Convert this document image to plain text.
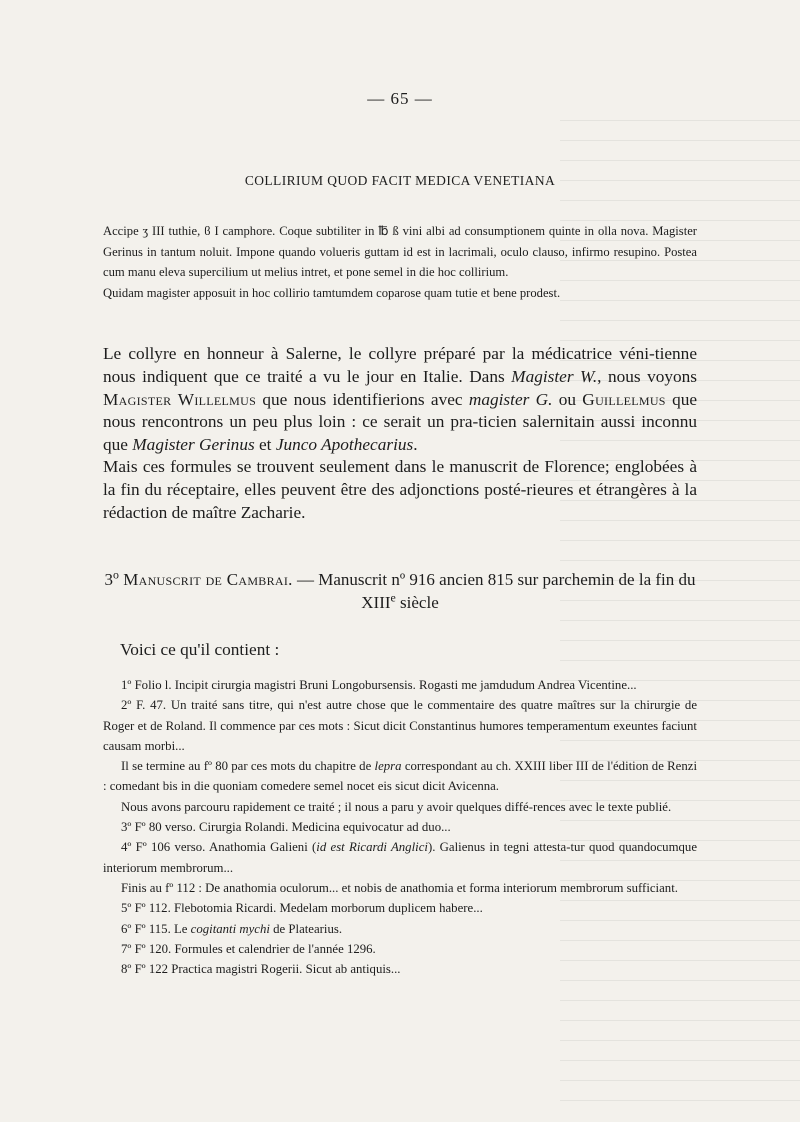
— 65 —
COLLIRIUM QUOD FACIT MEDICA VENETIANA

Accipe ʒ III tuthie, ϐ I camphore. Coque subtiliter in ℔ ß vini albi ad consumptionem quinte in olla nova. Magister Gerinus in tantum noluit. Impone quando volueris guttam id est in lacrimali, oculo clauso, infirmo resupino. Postea cum manu eleva supercilium ut melius intret, et pone semel in die hoc collirium.

Quidam magister apposuit in hoc collirio tamtumdem coparose quam tutie et bene prodest.

Le collyre en honneur à Salerne, le collyre préparé par la médicatrice véni-tienne nous indiquent que ce traité a vu le jour en Italie. Dans Magister W., nous voyons Magister Willelmus que nous identifierions avec magister G. ou Guillelmus que nous rencontrons un peu plus loin : ce serait un pra-ticien salernitain aussi inconnu que Magister Gerinus et Junco Apothecarius.

Mais ces formules se trouvent seulement dans le manuscrit de Florence; englobées à la fin du réceptaire, elles peuvent être des adjonctions posté-rieures et étrangères à la rédaction de maître Zacharie.

3$^o$ Manuscrit de Cambrai. — Manuscrit nº 916 ancien 815 sur parchemin de la fin du XIIIe siècle
Voici ce qu'il contient :

1º Folio l. Incipit cirurgia magistri Bruni Longobursensis. Rogasti me jamdudum Andrea Vicentine...

2º F. 47. Un traité sans titre, qui n'est autre chose que le commentaire des quatre maîtres sur la chirurgie de Roger et de Roland. Il commence par ces mots : Sicut dicit Constantinus humores temperamentum exeuntes faciunt causam morbi...

Il se termine au fº 80 par ces mots du chapitre de lepra correspondant au ch. XXIII liber III de l'édition de Renzi : comedant bis in die quoniam comedere semel nocet eis sicut dicit Avicenna.

Nous avons parcouru rapidement ce traité ; il nous a paru y avoir quelques diffé-rences avec le texte publié.

3º Fº 80 verso. Cirurgia Rolandi. Medicina equivocatur ad duo...

4º Fº 106 verso. Anathomia Galieni (id est Ricardi Anglici). Galienus in tegni attesta-tur quod quandocumque interiorum membrorum...

Finis au fº 112 : De anathomia oculorum... et nobis de anathomia et forma interiorum membrorum sufficiant.

5º Fº 112. Flebotomia Ricardi. Medelam morborum duplicem habere...

6º Fº 115. Le cogitanti mychi de Platearius.

7º Fº 120. Formules et calendrier de l'année 1296.

8º Fº 122 Practica magistri Rogerii. Sicut ab antiquis...
